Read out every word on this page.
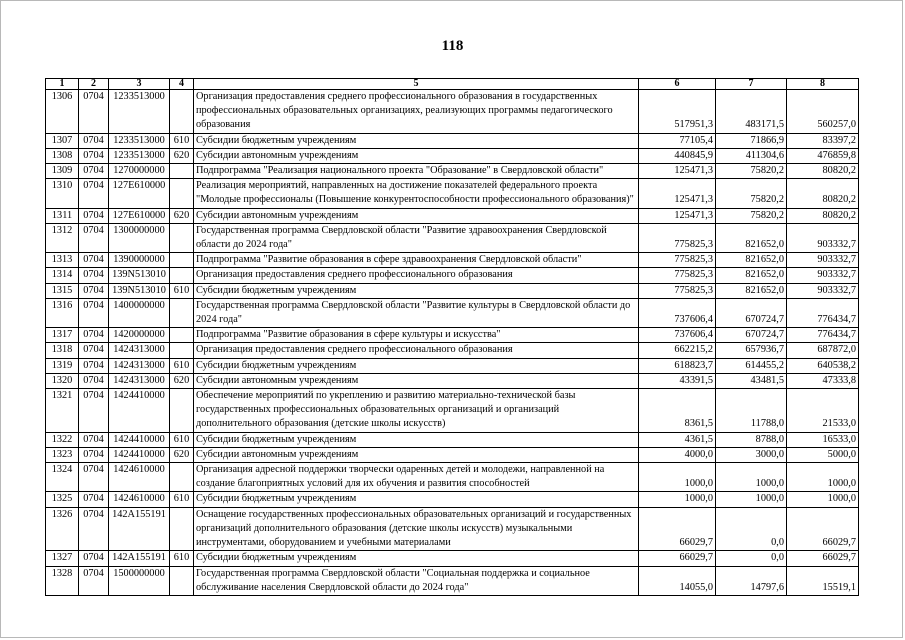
118
1	2	3	4	5	6	7	8
1306	0704	1233513000		Организация предоставления среднего профессионального образования в государственных профессиональных образовательных организациях, реализующих программы педагогического образования	517951,3	483171,5	560257,0
1307	0704	1233513000	610	Субсидии бюджетным учреждениям	77105,4	71866,9	83397,2
1308	0704	1233513000	620	Субсидии автономным учреждениям	440845,9	411304,6	476859,8
1309	0704	1270000000		Подпрограмма "Реализация национального проекта "Образование" в Свердловской области"	125471,3	75820,2	80820,2
1310	0704	127E610000		Реализация мероприятий, направленных на достижение показателей федерального проекта "Молодые профессионалы (Повышение конкурентоспособности профессионального образования)"	125471,3	75820,2	80820,2
1311	0704	127E610000	620	Субсидии автономным учреждениям	125471,3	75820,2	80820,2
1312	0704	1300000000		Государственная программа Свердловской области "Развитие здравоохранения Свердловской области до 2024 года"	775825,3	821652,0	903332,7
1313	0704	1390000000		Подпрограмма "Развитие образования в сфере здравоохранения Свердловской области"	775825,3	821652,0	903332,7
1314	0704	139N513010		Организация предоставления среднего профессионального образования	775825,3	821652,0	903332,7
1315	0704	139N513010	610	Субсидии бюджетным учреждениям	775825,3	821652,0	903332,7
1316	0704	1400000000		Государственная программа Свердловской области "Развитие культуры в Свердловской области до 2024 года"	737606,4	670724,7	776434,7
1317	0704	1420000000		Подпрограмма "Развитие образования в сфере культуры и искусства"	737606,4	670724,7	776434,7
1318	0704	1424313000		Организация предоставления среднего профессионального образования	662215,2	657936,7	687872,0
1319	0704	1424313000	610	Субсидии бюджетным учреждениям	618823,7	614455,2	640538,2
1320	0704	1424313000	620	Субсидии автономным учреждениям	43391,5	43481,5	47333,8
1321	0704	1424410000		Обеспечение мероприятий по укреплению и развитию материально-технической базы государственных профессиональных образовательных организаций и организаций дополнительного образования (детские школы искусств)	8361,5	11788,0	21533,0
1322	0704	1424410000	610	Субсидии бюджетным учреждениям	4361,5	8788,0	16533,0
1323	0704	1424410000	620	Субсидии автономным учреждениям	4000,0	3000,0	5000,0
1324	0704	1424610000		Организация адресной поддержки творчески одаренных детей и молодежи, направленной на создание благоприятных условий для их обучения и развития способностей	1000,0	1000,0	1000,0
1325	0704	1424610000	610	Субсидии бюджетным учреждениям	1000,0	1000,0	1000,0
1326	0704	142A155191		Оснащение государственных профессиональных образовательных организаций и государственных организаций дополнительного образования (детские школы искусств) музыкальными инструментами, оборудованием и учебными материалами	66029,7	0,0	66029,7
1327	0704	142A155191	610	Субсидии бюджетным учреждениям	66029,7	0,0	66029,7
1328	0704	1500000000		Государственная программа Свердловской области "Социальная поддержка и социальное обслуживание населения Свердловской области до 2024 года"	14055,0	14797,6	15519,1
